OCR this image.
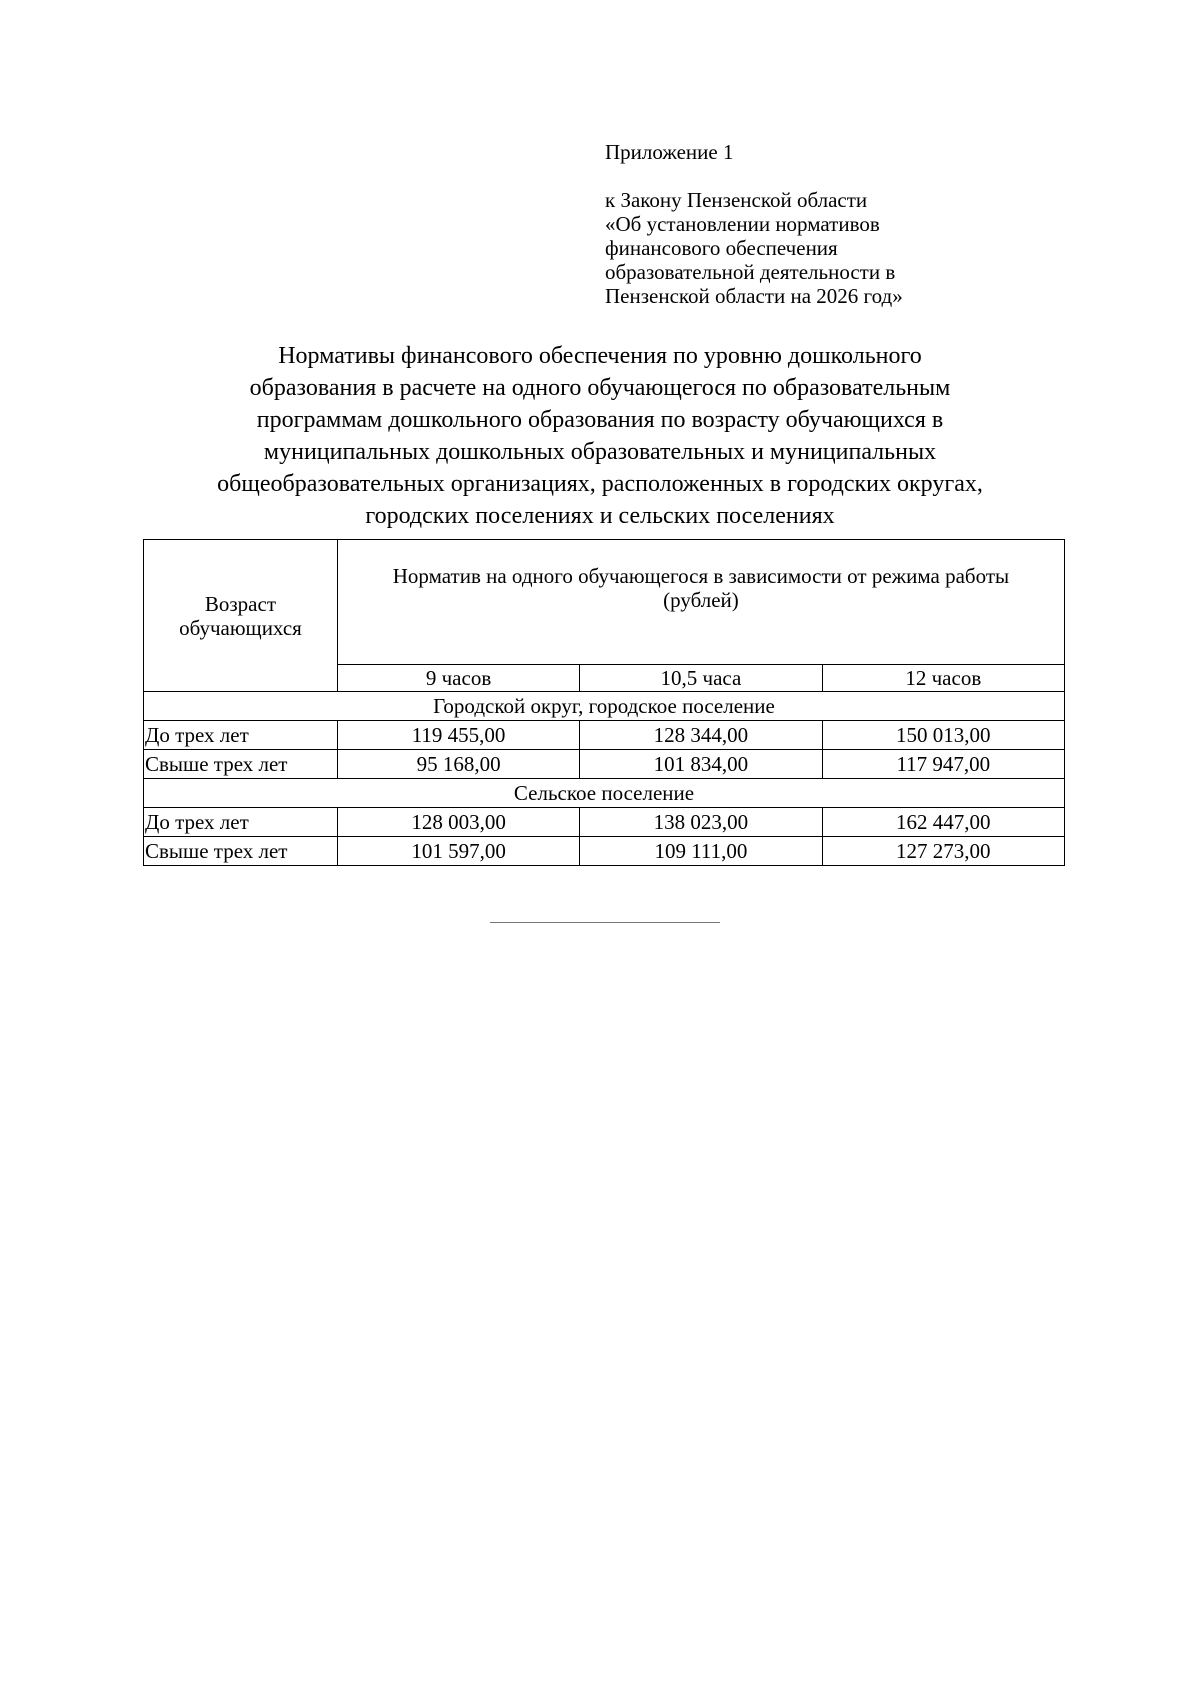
Приложение 1
к Закону Пензенской области
«Об установлении нормативов
финансового обеспечения
образовательной деятельности в
Пензенской области на 2026 год»
Нормативы финансового обеспечения по уровню дошкольного
образования в расчете на одного обучающегося по образовательным
программам дошкольного образования по возрасту обучающихся в
муниципальных дошкольных образовательных и муниципальных
общеобразовательных организациях, расположенных в городских округах,
городских поселениях и сельских поселениях
Возраст
обучающихся	Норматив на одного обучающегося в зависимости от режима работы
(рублей)		

	9 часов	10,5 часа	12 часов
Городской округ, городское поселение			
До трех лет	119 455,00	128 344,00	150 013,00
Свыше трех лет	95 168,00	101 834,00	117 947,00
Сельское поселение			
До трех лет	128 003,00	138 023,00	162 447,00
Свыше трех лет	101 597,00	109 111,00	127 273,00
